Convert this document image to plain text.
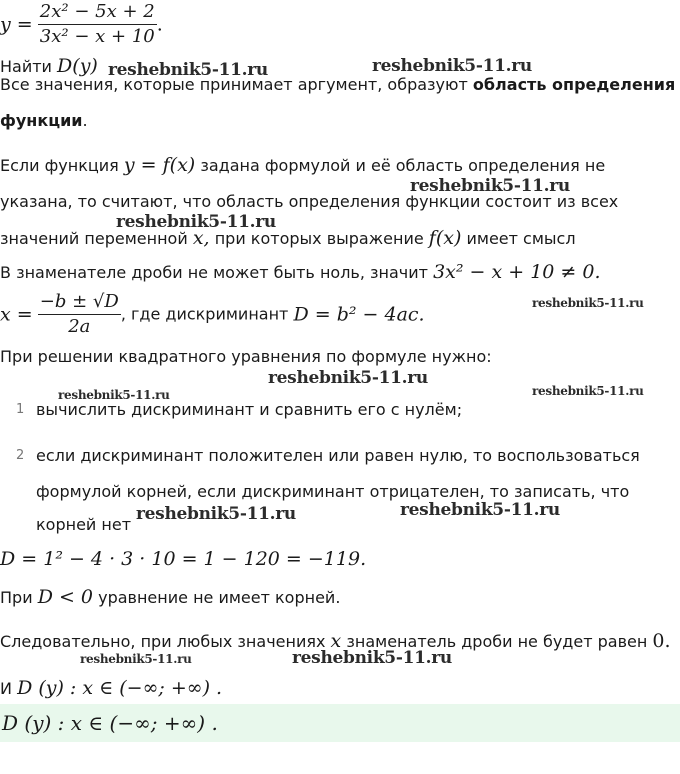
$y = \frac{\text{2x² − 5x + 2}}{\text{3x² − x + 10}}$ .
Найти D(y)
Все значения, которые принимает аргумент, образуют область определения
функции.
Если функция y = f(x) задана формулой и её область определения не
указана, то считают, что область определения функции состоит из всех
значений переменной x, при которых выражение f(x) имеет смысл
В знаменателе дроби не может быть ноль, значит 3x² − x + 10 ≠ 0.
$x = \frac{-b \pm √D}{2a}$ , где дискриминант D = b² − 4ac.
При решении квадратного уравнения по формуле нужно:
1 вычислить дискриминант и сравнить его с нулём;
2 если дискриминант положителен или равен нулю, то воспользоваться
формулой корней, если дискриминант отрицателен, то записать, что
корней нет
D = 1² − 4 · 3 · 10 = 1 − 120 = −119.
При D < 0 уравнение не имеет корней.
Следовательно, при любых значениях x знаменатель дроби не будет равен 0.
И D (y) : x ∈ (−∞; +∞) .
D (y) : x ∈ (−∞; +∞) .
reshebnik5-11.ru	reshebnik5-11.ru
reshebnik5-11.ru
reshebnik5-11.ru
reshebnik5-11.ru
reshebnik5-11.ru
reshebnik5-11.ru	reshebnik5-11.ru
reshebnik5-11.ru	reshebnik5-11.ru
reshebnik5-11.ru	reshebnik5-11.ru
